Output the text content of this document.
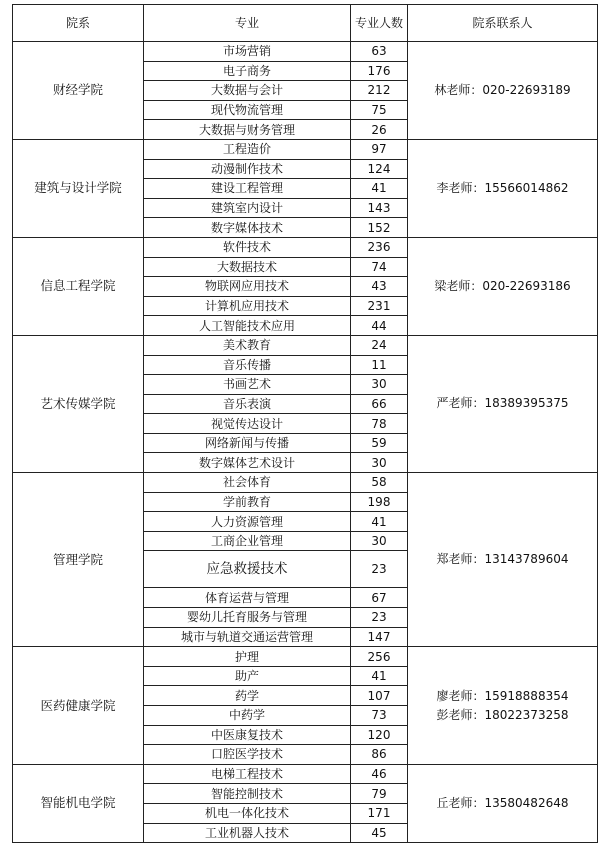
院系	专业	专业人数	院系联系人
财经学院	市场营销	63	林老师：020-22693189

	电子商务	176	
	大数据与会计	212	
	现代物流管理	75	
	大数据与财务管理	26	
建筑与设计学院	工程造价	97	李老师：15566014862

	动漫制作技术	124	
	建设工程管理	41	
	建筑室内设计	143	
	数字媒体技术	152	
信息工程学院	软件技术	236	梁老师：020-22693186

	大数据技术	74	
	物联网应用技术	43	
	计算机应用技术	231	
	人工智能技术应用	44	
艺术传媒学院	美术教育	24	严老师：18389395375

	音乐传播	11	
	书画艺术	30	
	音乐表演	66	
	视觉传达设计	78	
	网络新闻与传播	59	
	数字媒体艺术设计	30	
管理学院	社会体育	58	郑老师：13143789604

	学前教育	198	
	人力资源管理	41	
	工商企业管理	30	
	应急救援技术	23	
	体育运营与管理	67	
	婴幼儿托育服务与管理	23	
	城市与轨道交通运营管理	147	
医药健康学院	护理	256	廖老师：15918888354
彭老师：18022373258

	助产	41	
	药学	107	
	中药学	73	
	中医康复技术	120	
	口腔医学技术	86	
智能机电学院	电梯工程技术	46	丘老师：13580482648

	智能控制技术	79	
	机电一体化技术	171	
	工业机器人技术	45	
